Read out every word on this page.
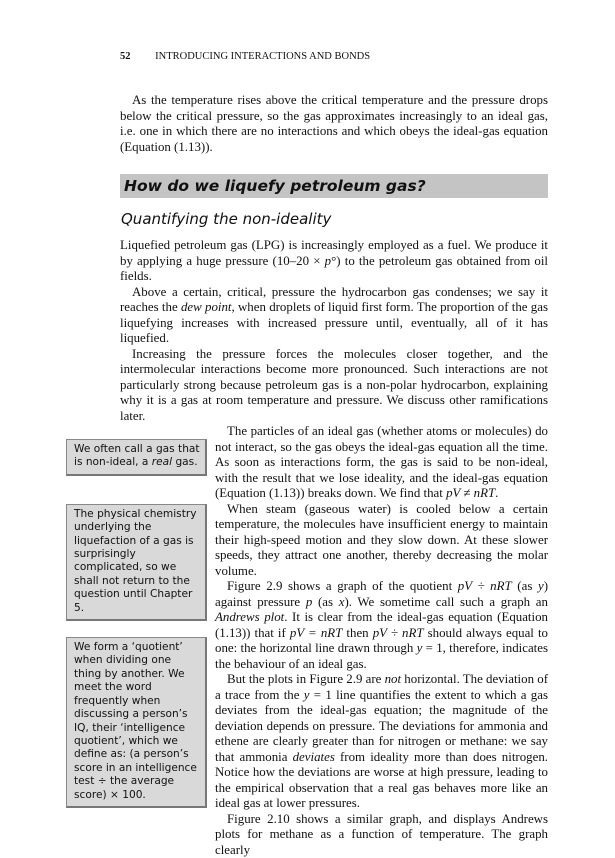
52 INTRODUCING INTERACTIONS AND BONDS

As the temperature rises above the critical temperature and the pressure drops below the critical pressure, so the gas approximates increasingly to an ideal gas, i.e. one in which there are no interactions and which obeys the ideal-gas equation (Equation (1.13)).

How do we liquefy petroleum gas?
Quantifying the non-ideality

Liquefied petroleum gas (LPG) is increasingly employed as a fuel. We produce it by applying a huge pressure (10–20 × p°) to the petroleum gas obtained from oil fields.

Above a certain, critical, pressure the hydrocarbon gas condenses; we say it reaches the dew point, when droplets of liquid first form. The proportion of the gas liquefying increases with increased pressure until, eventually, all of it has liquefied.

Increasing the pressure forces the molecules closer together, and the intermolecular interactions become more pronounced. Such interactions are not particularly strong because petroleum gas is a non-polar hydrocarbon, explaining why it is a gas at room temperature and pressure. We discuss other ramifications later.

We often call a gas that is non-ideal, a real gas.
The physical chemistry underlying the liquefaction of a gas is surprisingly complicated, so we shall not return to the question until Chapter 5.
We form a ‘quotient’ when dividing one thing by another. We meet the word frequently when discussing a person’s IQ, their ‘intelligence quotient’, which we define as: (a person’s score in an intelligence test ÷ the average score) × 100.

The particles of an ideal gas (whether atoms or molecules) do not interact, so the gas obeys the ideal-gas equation all the time. As soon as interactions form, the gas is said to be non-ideal, with the result that we lose ideality, and the ideal-gas equation (Equation (1.13)) breaks down. We find that pV ≠ nRT.

When steam (gaseous water) is cooled below a certain temperature, the molecules have insufficient energy to maintain their high-speed motion and they slow down. At these slower speeds, they attract one another, thereby decreasing the molar volume.

Figure 2.9 shows a graph of the quotient pV ÷ nRT (as y) against pressure p (as x). We sometime call such a graph an Andrews plot. It is clear from the ideal-gas equation (Equation (1.13)) that if pV = nRT then pV ÷ nRT should always equal to one: the horizontal line drawn through y = 1, therefore, indicates the behaviour of an ideal gas.

But the plots in Figure 2.9 are not horizontal. The deviation of a trace from the y = 1 line quantifies the extent to which a gas deviates from the ideal-gas equation; the magnitude of the deviation depends on pressure. The deviations for ammonia and ethene are clearly greater than for nitrogen or methane: we say that ammonia deviates from ideality more than does nitrogen. Notice how the deviations are worse at high pressure, leading to the empirical observation that a real gas behaves more like an ideal gas at lower pressures.

Figure 2.10 shows a similar graph, and displays Andrews plots for methane as a function of temperature. The graph clearly
